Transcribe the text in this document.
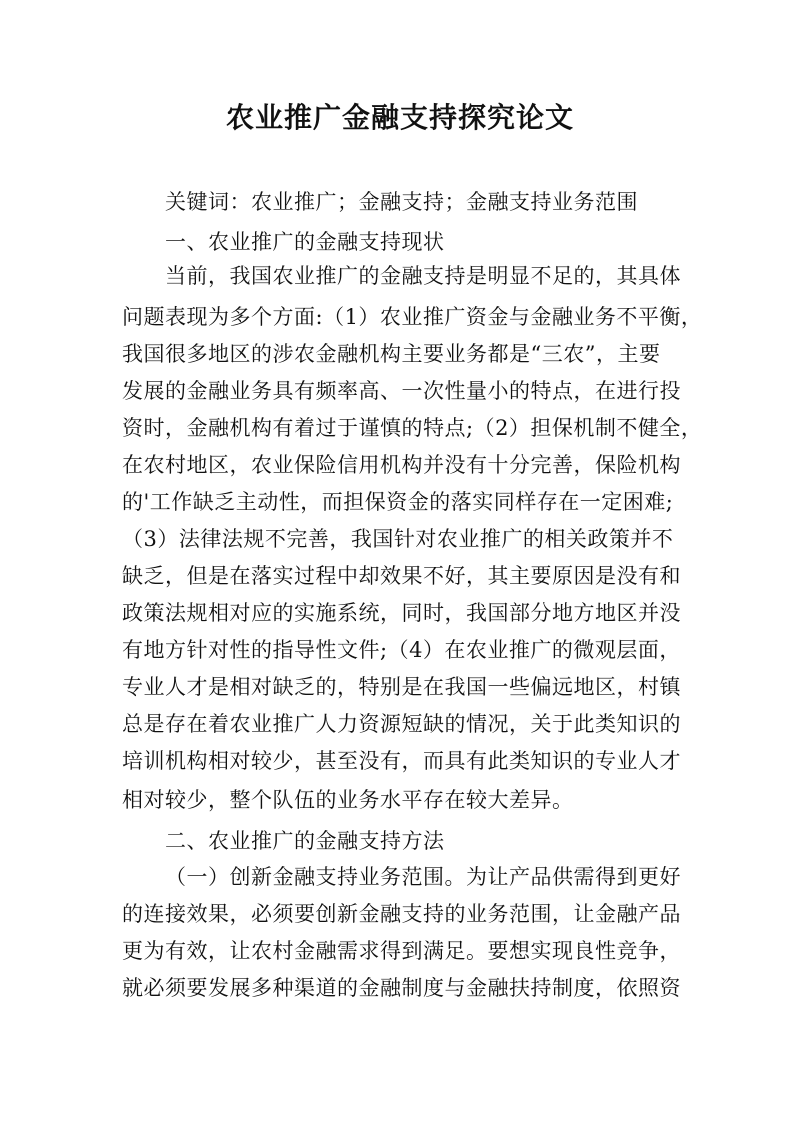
农业推广金融支持探究论文
关键词：农业推广；金融支持；金融支持业务范围
一、农业推广的金融支持现状
当前，我国农业推广的金融支持是明显不足的，其具体
问题表现为多个方面:（1）农业推广资金与金融业务不平衡，
我国很多地区的涉农金融机构主要业务都是“三农”，主要
发展的金融业务具有频率高、一次性量小的特点，在进行投
资时，金融机构有着过于谨慎的特点;（2）担保机制不健全，
在农村地区，农业保险信用机构并没有十分完善，保险机构
的'工作缺乏主动性，而担保资金的落实同样存在一定困难;
（3）法律法规不完善，我国针对农业推广的相关政策并不
缺乏，但是在落实过程中却效果不好，其主要原因是没有和
政策法规相对应的实施系统，同时，我国部分地方地区并没
有地方针对性的指导性文件;（4）在农业推广的微观层面，
专业人才是相对缺乏的，特别是在我国一些偏远地区，村镇
总是存在着农业推广人力资源短缺的情况，关于此类知识的
培训机构相对较少，甚至没有，而具有此类知识的专业人才
相对较少，整个队伍的业务水平存在较大差异。
二、农业推广的金融支持方法
（一）创新金融支持业务范围。为让产品供需得到更好
的连接效果，必须要创新金融支持的业务范围，让金融产品
更为有效，让农村金融需求得到满足。要想实现良性竞争，
就必须要发展多种渠道的金融制度与金融扶持制度，依照资
